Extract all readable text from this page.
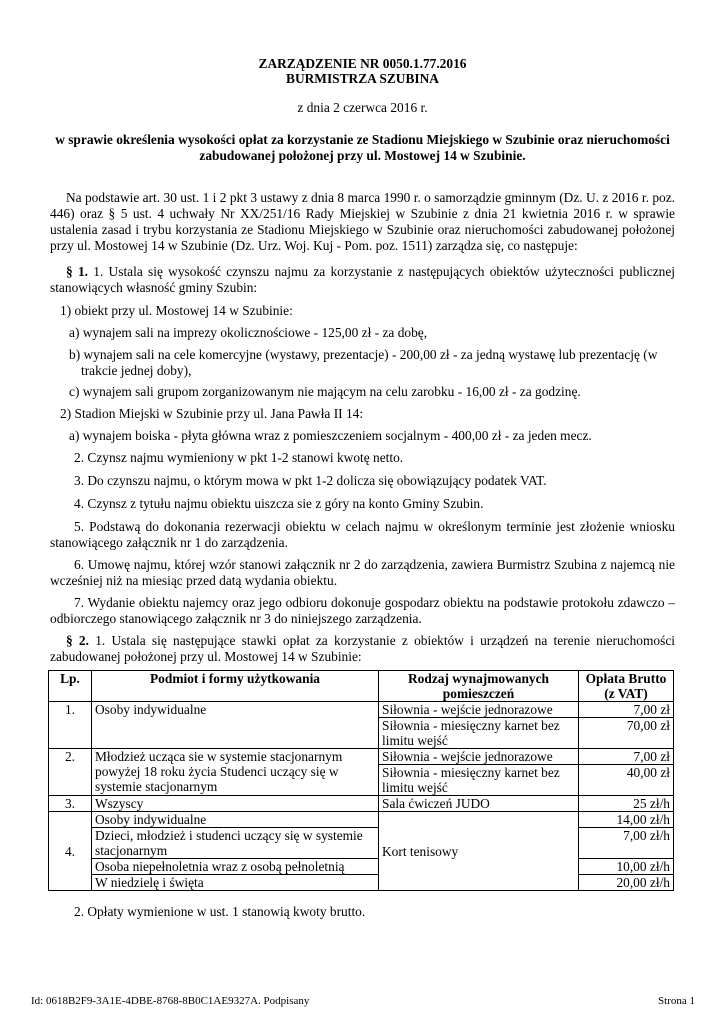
ZARZĄDZENIE NR 0050.1.77.2016
BURMISTRZA SZUBINA
z dnia 2 czerwca 2016 r.
w sprawie określenia wysokości opłat za korzystanie ze Stadionu Miejskiego w Szubinie oraz nieruchomości zabudowanej położonej przy ul. Mostowej 14 w Szubinie.
Na podstawie art. 30 ust. 1 i 2 pkt 3 ustawy z dnia 8 marca 1990 r. o samorządzie gminnym (Dz. U. z 2016 r. poz. 446) oraz § 5 ust. 4 uchwały Nr XX/251/16 Rady Miejskiej w Szubinie z dnia 21 kwietnia 2016 r. w sprawie ustalenia zasad i trybu korzystania ze Stadionu Miejskiego w Szubinie oraz nieruchomości zabudowanej położonej przy ul. Mostowej 14 w Szubinie (Dz. Urz. Woj. Kuj - Pom. poz. 1511) zarządza się, co następuje:
§ 1. 1. Ustala się wysokość czynszu najmu za korzystanie z następujących obiektów użyteczności publicznej stanowiących własność gminy Szubin:
1) obiekt przy ul. Mostowej 14 w Szubinie:
a) wynajem sali na imprezy okolicznościowe - 125,00 zł - za dobę,
b) wynajem sali na cele komercyjne (wystawy, prezentacje) - 200,00 zł - za jedną wystawę lub prezentację (w trakcie jednej doby),
c) wynajem sali grupom zorganizowanym nie mającym na celu zarobku - 16,00 zł - za godzinę.
2) Stadion Miejski w Szubinie przy ul. Jana Pawła II 14:
a) wynajem boiska - płyta główna wraz z pomieszczeniem socjalnym - 400,00 zł - za jeden mecz.
2. Czynsz najmu wymieniony w pkt 1-2 stanowi kwotę netto.
3. Do czynszu najmu, o którym mowa w pkt 1-2 dolicza się obowiązujący podatek VAT.
4. Czynsz z tytułu najmu obiektu uiszcza sie z góry na konto Gminy Szubin.
5. Podstawą do dokonania rezerwacji obiektu w celach najmu w określonym terminie jest złożenie wniosku stanowiącego załącznik nr 1 do zarządzenia.
6. Umowę najmu, której wzór stanowi załącznik nr 2 do zarządzenia, zawiera Burmistrz Szubina z najemcą nie wcześniej niż na miesiąc przed datą wydania obiektu.
7. Wydanie obiektu najemcy oraz jego odbioru dokonuje gospodarz obiektu na podstawie protokołu zdawczo – odbiorczego stanowiącego załącznik nr 3 do niniejszego zarządzenia.
§ 2. 1. Ustala się następujące stawki opłat za korzystanie z obiektów i urządzeń na terenie nieruchomości zabudowanej położonej przy ul. Mostowej 14 w Szubinie:
Lp.	Podmiot i formy użytkowania	Rodzaj wynajmowanych pomieszczeń	Opłata Brutto (z VAT)
1.	Osoby indywidualne	Siłownia - wejście jednorazowe	7,00 zł
		Siłownia - miesięczny karnet bez limitu wejść	70,00 zł
2.	Młodzież ucząca sie w systemie stacjonarnym powyżej 18 roku życia Studenci uczący się w systemie stacjonarnym	Siłownia - wejście jednorazowe	7,00 zł
		Siłownia - miesięczny karnet bez limitu wejść	40,00 zł
3.	Wszyscy	Sala ćwiczeń JUDO	25 zł/h
4.	Osoby indywidualne	Kort tenisowy	14,00 zł/h
	Dzieci, młodzież i studenci uczący się w systemie stacjonarnym		7,00 zł/h
	Osoba niepełnoletnia wraz z osobą pełnoletnią		10,00 zł/h
	W niedzielę i święta		20,00 zł/h
2. Opłaty wymienione w ust. 1 stanowią kwoty brutto.
Id: 0618B2F9-3A1E-4DBE-8768-8B0C1AE9327A. Podpisany	Strona 1
